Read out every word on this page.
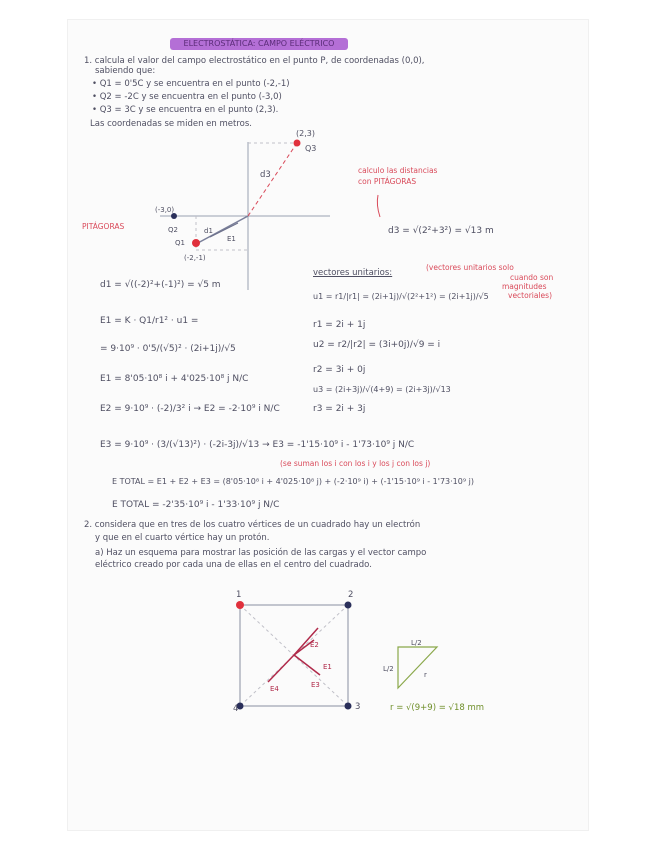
ELECTROSTÁTICA: CAMPO ELÉCTRICO
1. calcula el valor del campo electrostático en el punto P, de coordenadas (0,0),
sabiendo que:
• Q1 = 0'5C y se encuentra en el punto (-2,-1)
• Q2 = -2C y se encuentra en el punto (-3,0)
• Q3 = 3C y se encuentra en el punto (2,3).
Las coordenadas se miden en metros.
(2,3)
Q3
d3
(-3,0)
Q2	d1
Q1
(-2,-1)
E1
PITÁGORAS
calculo las distancias
con PITÁGORAS
d3 = √(2²+3²) = √13 m
d1 = √((-2)²+(-1)²) = √5 m
vectores unitarios:
(vectores unitarios solo
cuando son
magnitudes
vectoriales)
u1 = r1/|r1| = (2i+1j)/√(2²+1²) = (2i+1j)/√5
E1 = K · Q1/r1² · u1 =	r1 = 2i + 1j
= 9·10⁹ · 0'5/(√5)² · (2i+1j)/√5	u2 = r2/|r2| = (3i+0j)/√9 = i
E1 = 8'05·10⁸ i + 4'025·10⁸ j N/C
r2 = 3i + 0j
u3 = (2i+3j)/√(4+9) = (2i+3j)/√13
E2 = 9·10⁹ · (-2)/3² i → E2 = -2·10⁹ i N/C	r3 = 2i + 3j
E3 = 9·10⁹ · (3/(√13)²) · (-2i-3j)/√13 → E3 = -1'15·10⁹ i - 1'73·10⁹ j N/C
(se suman los i con los i y los j con los j)
E TOTAL = E1 + E2 + E3 = (8'05·10⁸ i + 4'025·10⁸ j) + (-2·10⁹ i) + (-1'15·10⁹ i - 1'73·10⁹ j)
E TOTAL = -2'35·10⁹ i - 1'33·10⁹ j N/C
2. considera que en tres de los cuatro vértices de un cuadrado hay un electrón
y que en el cuarto vértice hay un protón.
a) Haz un esquema para mostrar las posición de las cargas y el vector campo
eléctrico creado por cada una de ellas en el centro del cuadrado.
1	2
3
4
E1
E2
E3
E4
L/2
L/2
r
r = √(9+9) = √18 mm
